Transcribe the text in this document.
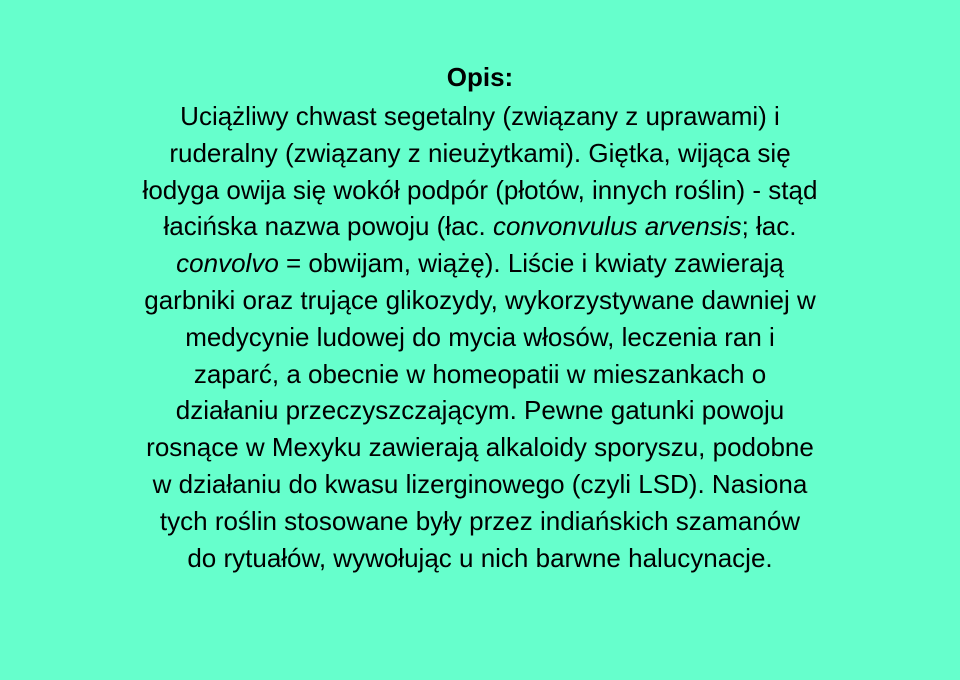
Opis:
Uciążliwy chwast segetalny (związany z uprawami) i
ruderalny (związany z nieużytkami). Giętka, wijąca się
łodyga owija się wokół podpór (płotów, innych roślin) - stąd
łacińska nazwa powoju (łac. convonvulus arvensis; łac.
convolvo = obwijam, wiążę). Liście i kwiaty zawierają
garbniki oraz trujące glikozydy, wykorzystywane dawniej w
medycynie ludowej do mycia włosów, leczenia ran i
zaparć, a obecnie w homeopatii w mieszankach o
działaniu przeczyszczającym. Pewne gatunki powoju
rosnące w Mexyku zawierają alkaloidy sporyszu, podobne
w działaniu do kwasu lizerginowego (czyli LSD). Nasiona
tych roślin stosowane były przez indiańskich szamanów
do rytuałów, wywołując u nich barwne halucynacje.
